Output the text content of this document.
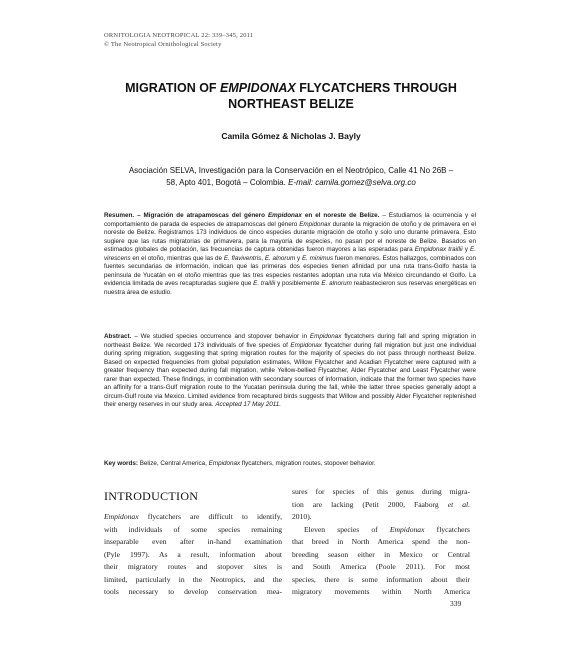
ORNITOLOGIA NEOTROPICAL 22: 339–345, 2011
© The Neotropical Ornithological Society
MIGRATION OF EMPIDONAX FLYCATCHERS THROUGH
NORTHEAST BELIZE
Camila Gómez & Nicholas J. Bayly
Asociación SELVA, Investigación para la Conservación en el Neotrópico, Calle 41 No 26B –
58, Apto 401, Bogotá – Colombia. E-mail: camila.gomez@selva.org.co
Resumen. – Migración de atrapamoscas del género Empidonax en el noreste de Belize. – Estudiamos la ocurrencia y el comportamiento de parada de especies de atrapamoscas del género Empidonax durante la migración de otoño y de primavera en el noreste de Belize. Registramos 173 individuos de cinco especies durante migración de otoño y solo uno durante primavera. Esto sugiere que las rutas migratorias de primavera, para la mayoría de especies, no pasan por el noreste de Belize. Basados en estimados globales de población, las frecuencias de captura obtenidas fueron mayores a las esperadas para Empidonax traillii y E. virescens en el otoño, mientras que las de E. flaviventris, E. alnorum y E. minimus fueron menores. Estos hallazgos, combinados con fuentes secundarias de información, indican que las primeras dos especies tienen afinidad por una ruta trans-Golfo hasta la península de Yucatán en el otoño mientras que las tres especies restantes adoptan una ruta vía México circundando el Golfo. La evidencia limitada de aves recapturadas sugiere que E. traillii y posiblemente E. alnorum reabastecieron sus reservas energéticas en nuestra área de estudio.
Abstract. – We studied species occurrence and stopover behavior in Empidonax flycatchers during fall and spring migration in northeast Belize. We recorded 173 individuals of five species of Empidonax flycatcher during fall migration but just one individual during spring migration, suggesting that spring migration routes for the majority of species do not pass through northeast Belize. Based on expected frequencies from global population estimates, Willow Flycatcher and Acadian Flycatcher were captured with a greater frequency than expected during fall migration, while Yellow-bellied Flycatcher, Alder Flycatcher and Least Flycatcher were rarer than expected. These findings, in combination with secondary sources of information, indicate that the former two species have an affinity for a trans-Gulf migration route to the Yucatan peninsula during the fall, while the latter three species generally adopt a circum-Gulf route via Mexico. Limited evidence from recaptured birds suggests that Willow and possibly Alder Flycatcher replenished their energy reserves in our study area. Accepted 17 May 2011.
Key words: Belize, Central America, Empidonax flycatchers, migration routes, stopover behavior.
INTRODUCTION
Empidonax flycatchers are difficult to identify,
with individuals of some species remaining
inseparable even after in-hand examination
(Pyle 1997). As a result, information about
their migratory routes and stopover sites is
limited, particularly in the Neotropics, and the
tools necessary to develop conservation mea-
sures for species of this genus during migra-
tion are lacking (Petit 2000, Faaborg et al.
2010).
Eleven species of Empidonax flycatchers
that breed in North America spend the non-
breeding season either in Mexico or Central
and South America (Poole 2011). For most
species, there is some information about their
migratory movements within North America
339
